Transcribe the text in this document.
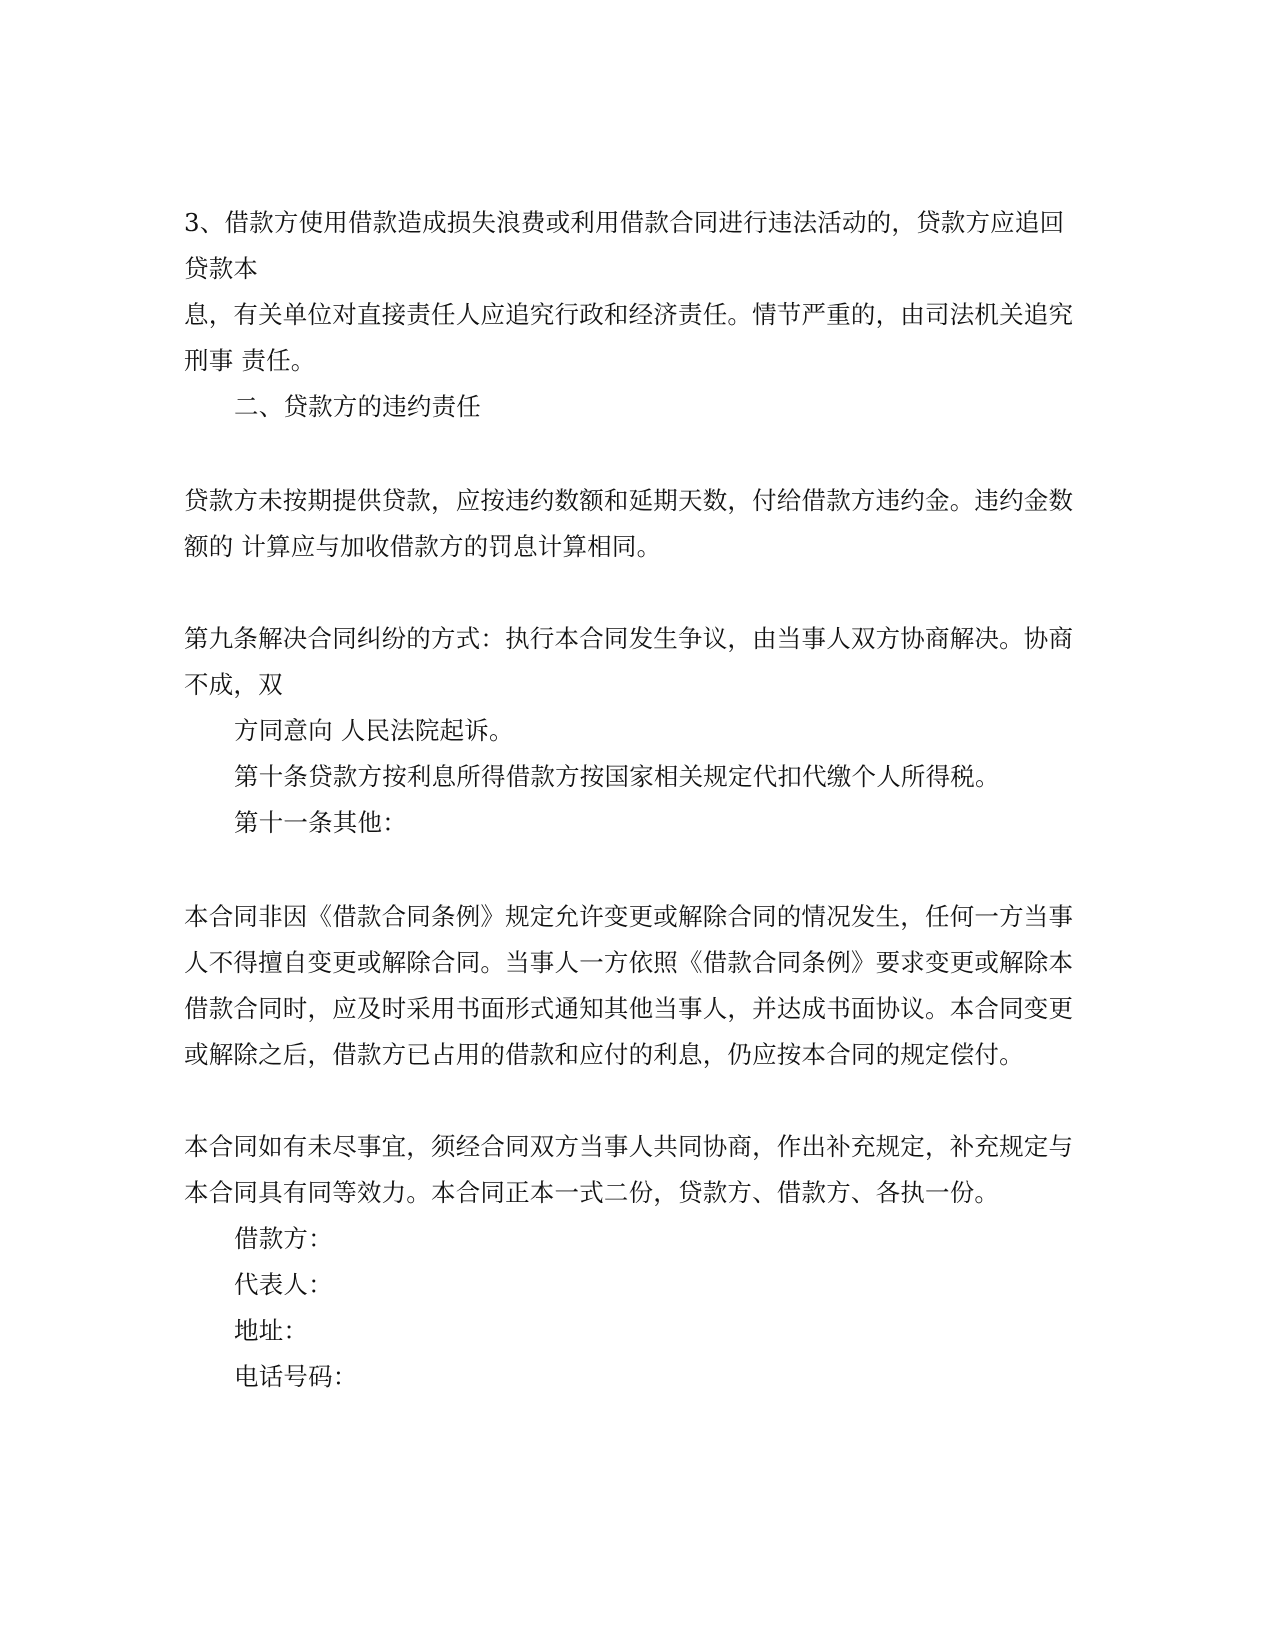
3、借款方使用借款造成损失浪费或利用借款合同进行违法活动的，贷款方应追回
贷款本
息，有关单位对直接责任人应追究行政和经济责任。情节严重的，由司法机关追究
刑事 责任。
二、贷款方的违约责任
贷款方未按期提供贷款，应按违约数额和延期天数，付给借款方违约金。违约金数
额的 计算应与加收借款方的罚息计算相同。
第九条解决合同纠纷的方式：执行本合同发生争议，由当事人双方协商解决。协商
不成，双
方同意向 人民法院起诉。
第十条贷款方按利息所得借款方按国家相关规定代扣代缴个人所得税。
第十一条其他：
本合同非因《借款合同条例》规定允许变更或解除合同的情况发生，任何一方当事
人不得擅自变更或解除合同。当事人一方依照《借款合同条例》要求变更或解除本
借款合同时，应及时采用书面形式通知其他当事人，并达成书面协议。本合同变更
或解除之后，借款方已占用的借款和应付的利息，仍应按本合同的规定偿付。
本合同如有未尽事宜，须经合同双方当事人共同协商，作出补充规定，补充规定与
本合同具有同等效力。本合同正本一式二份，贷款方、借款方、各执一份。
借款方：
代表人：
地址：
电话号码：
